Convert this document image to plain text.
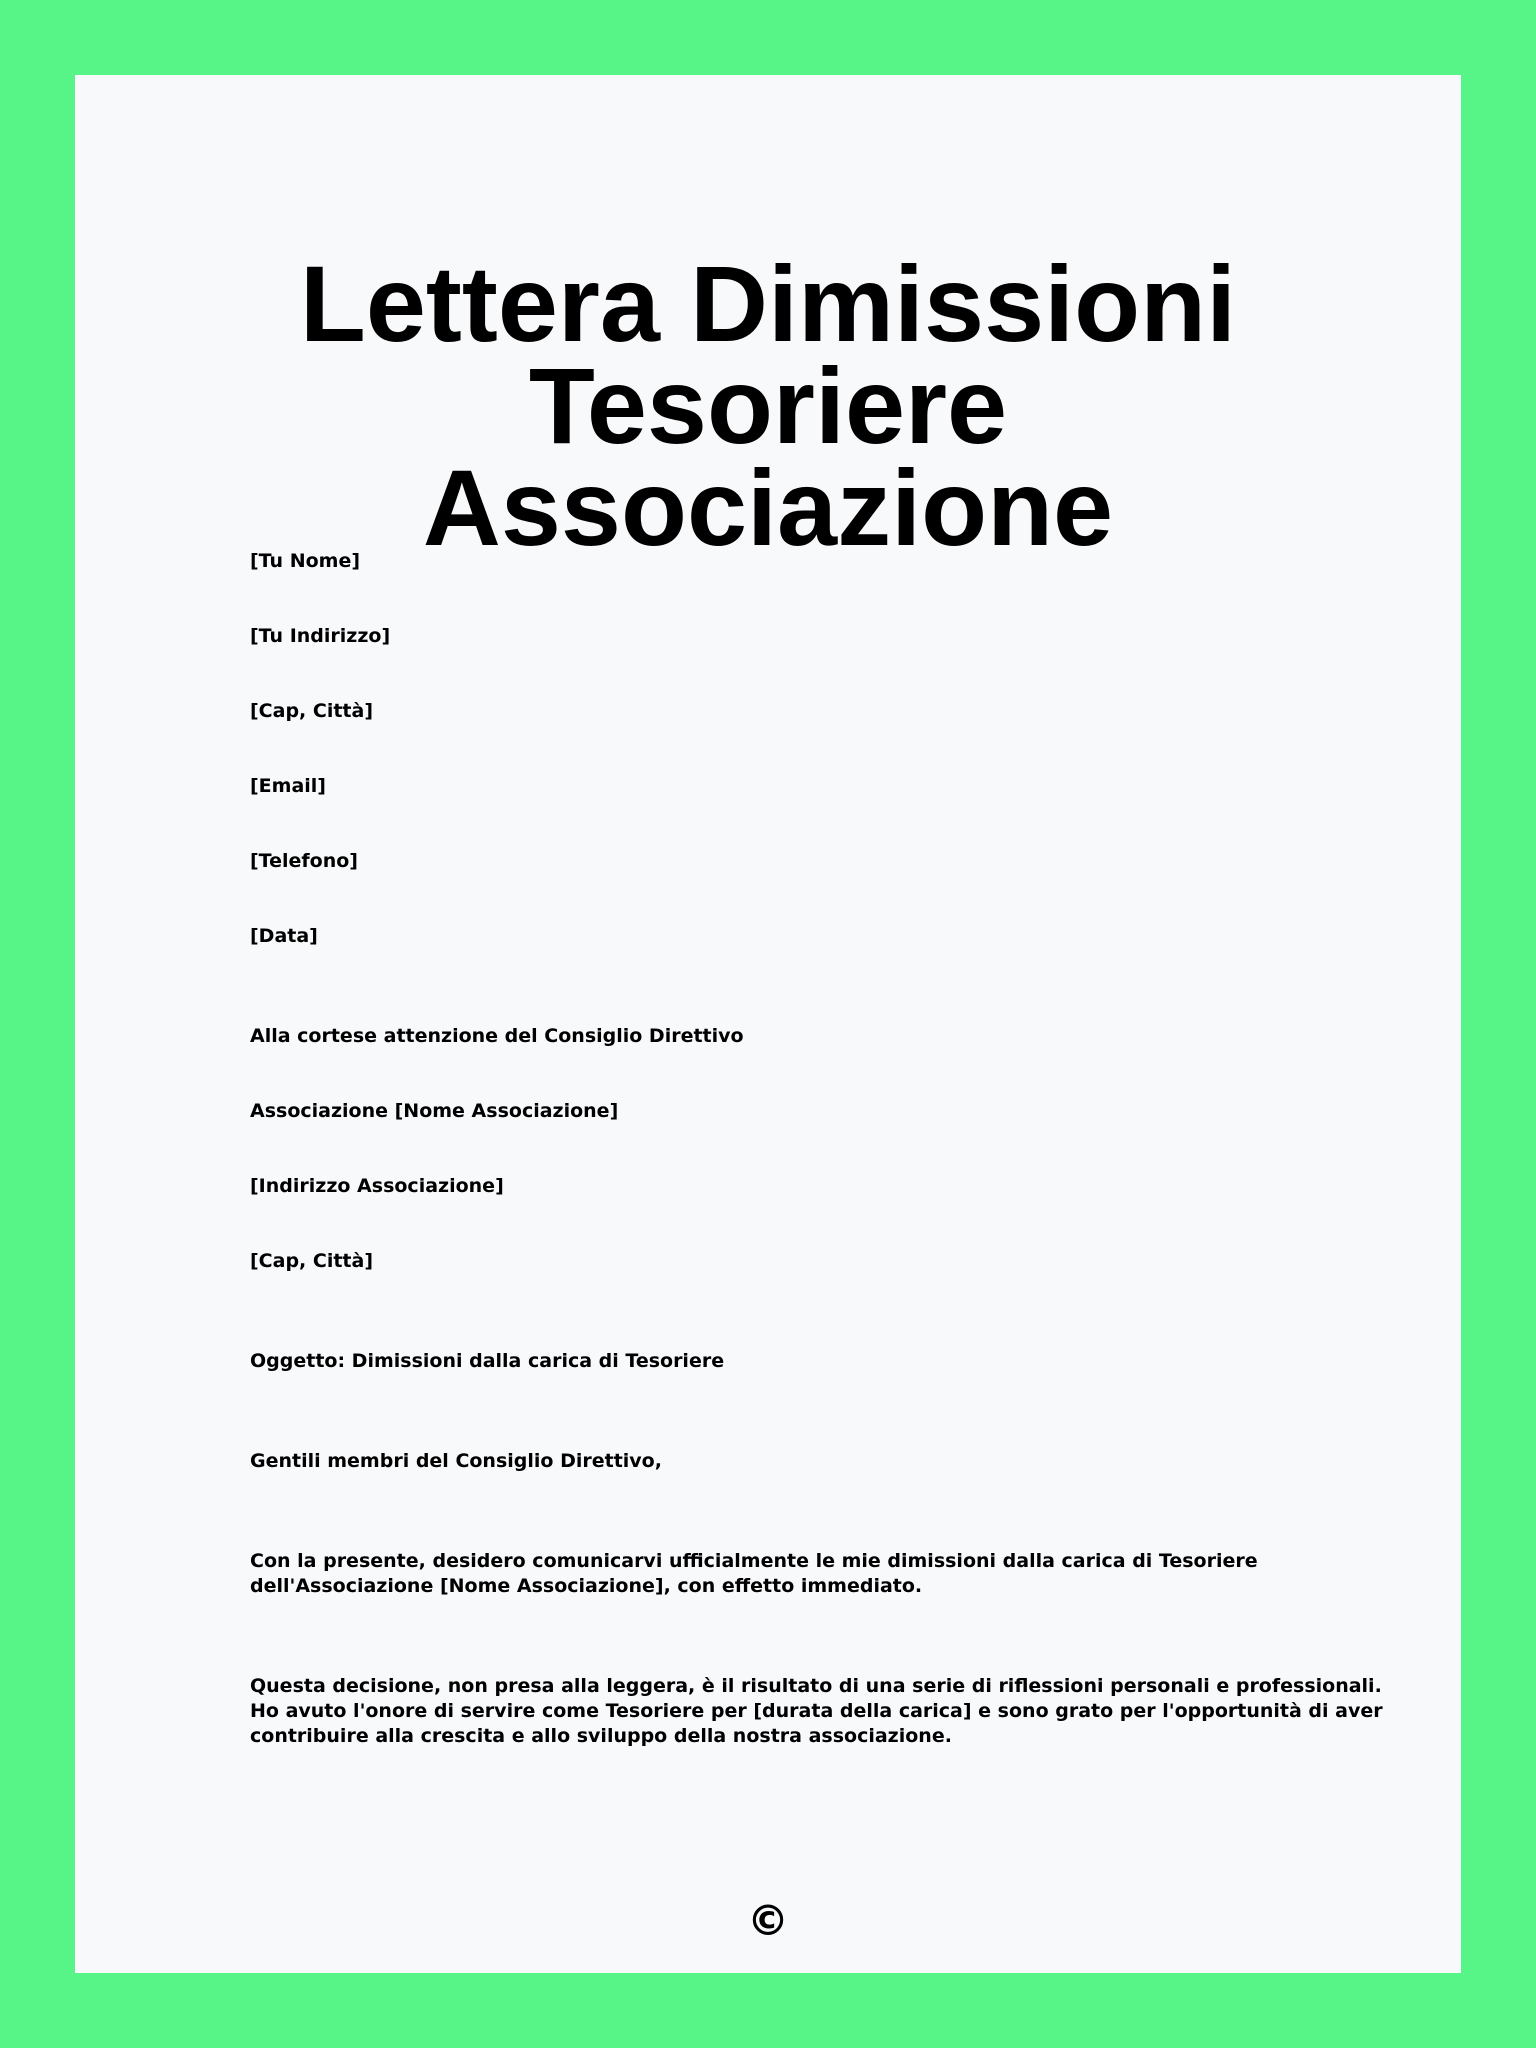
Lettera Dimissioni Tesoriere
Associazione

[Tu Nome]

[Tu Indirizzo]

[Cap, Città]

[Email]

[Telefono]

[Data]

Alla cortese attenzione del Consiglio Direttivo

Associazione [Nome Associazione]

[Indirizzo Associazione]

[Cap, Città]

Oggetto: Dimissioni dalla carica di Tesoriere

Gentili membri del Consiglio Direttivo,

Con la presente, desidero comunicarvi ufficialmente le mie dimissioni dalla carica di Tesoriere
dell'Associazione [Nome Associazione], con effetto immediato.
Questa decisione, non presa alla leggera, è il risultato di una serie di riflessioni personali e professionali.
Ho avuto l'onore di servire come Tesoriere per [durata della carica] e sono grato per l'opportunità di aver
contribuire alla crescita e allo sviluppo della nostra associazione.
©
